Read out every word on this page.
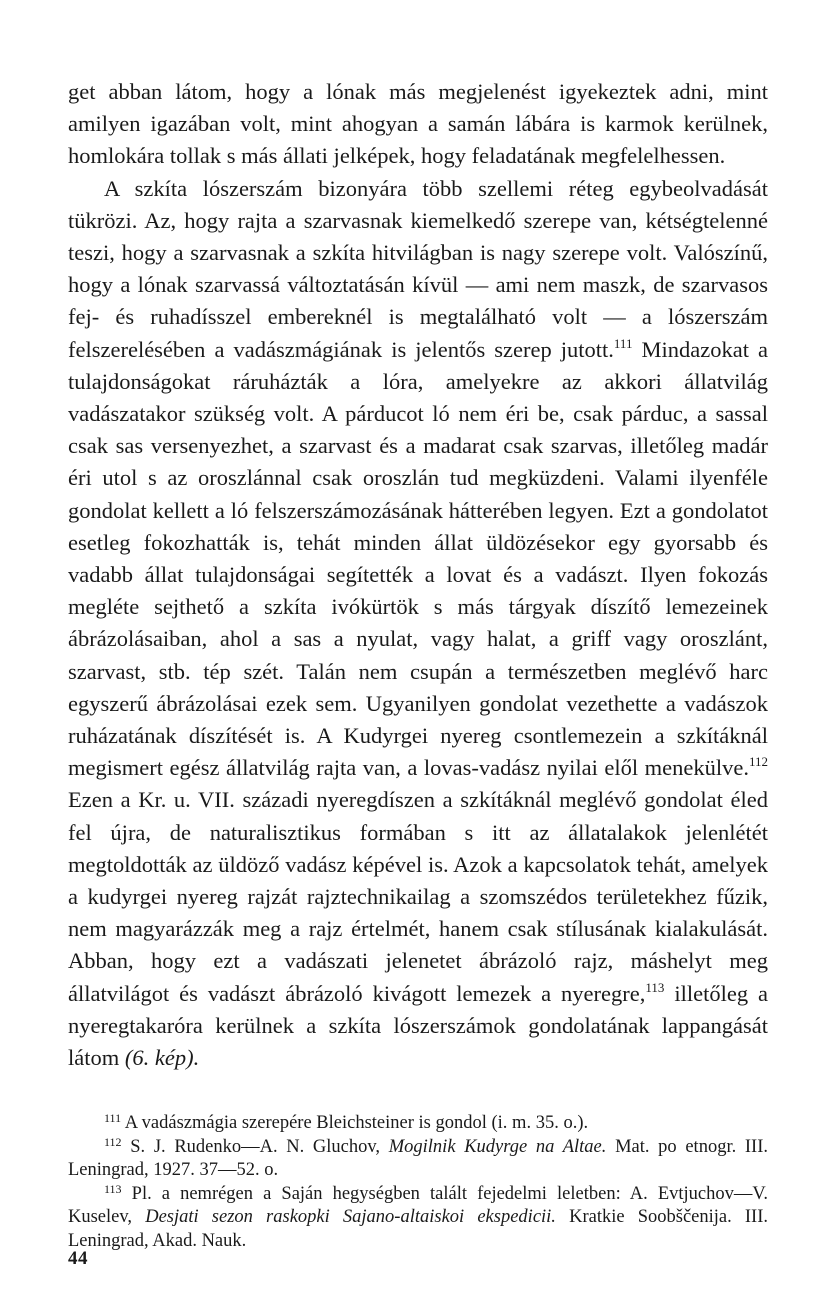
get abban látom, hogy a lónak más megjelenést igyekeztek adni, mint amilyen igazában volt, mint ahogyan a samán lábára is karmok kerülnek, homlokára tollak s más állati jelképek, hogy feladatának megfelelhessen.

A szkíta lószerszám bizonyára több szellemi réteg egybeolvadását tükrözi. Az, hogy rajta a szarvasnak kiemelkedő szerepe van, kétségtelenné teszi, hogy a szarvasnak a szkíta hitvilágban is nagy szerepe volt. Valószínű, hogy a lónak szarvassá változtatásán kívül — ami nem maszk, de szarvasos fej- és ruhadísszel embereknél is megtalálható volt — a lószerszám felszerelésében a vadászmágiának is jelentős szerep jutott.$^{111}$ Mindazokat a tulajdonságokat ráruházták a lóra, amelyekre az akkori állatvilág vadászatakor szükség volt. A párducot ló nem éri be, csak párduc, a sassal csak sas versenyezhet, a szarvast és a madarat csak szarvas, illetőleg madár éri utol s az oroszlánnal csak oroszlán tud megküzdeni. Valami ilyenféle gondolat kellett a ló felszerszámozásának hátterében legyen. Ezt a gondolatot esetleg fokozhatták is, tehát minden állat üldözésekor egy gyorsabb és vadabb állat tulajdonságai segítették a lovat és a vadászt. Ilyen fokozás megléte sejthető a szkíta ivókürtök s más tárgyak díszítő lemezeinek ábrázolásaiban, ahol a sas a nyulat, vagy halat, a griff vagy oroszlánt, szarvast, stb. tép szét. Talán nem csupán a természetben meglévő harc egyszerű ábrázolásai ezek sem. Ugyanilyen gondolat vezethette a vadászok ruházatának díszítését is. A Kudyrgei nyereg csontlemezein a szkítáknál megismert egész állatvilág rajta van, a lovas-vadász nyilai elől menekülve.$^{112}$ Ezen a Kr. u. VII. századi nyeregdíszen a szkítáknál meglévő gondolat éled fel újra, de naturalisztikus formában s itt az állatalakok jelenlétét megtoldották az üldöző vadász képével is. Azok a kapcsolatok tehát, amelyek a kudyrgei nyereg rajzát rajztechnikailag a szomszédos területekhez fűzik, nem magyarázzák meg a rajz értelmét, hanem csak stílusának kialakulását. Abban, hogy ezt a vadászati jelenetet ábrázoló rajz, máshelyt meg állatvilágot és vadászt ábrázoló kivágott lemezek a nyeregre,$^{113}$ illetőleg a nyeregtakaróra kerülnek a szkíta lószerszámok gondolatának lappangását látom (6. kép).

$^{111}$ A vadászmágia szerepére Bleichsteiner is gondol (i. m. 35. o.).

$^{112}$ S. J. Rudenko—A. N. Gluchov, Mogilnik Kudyrge na Altae. Mat. po etnogr. III. Leningrad, 1927. 37—52. o.

$^{113}$ Pl. a nemrégen a Saján hegységben talált fejedelmi leletben: A. Evtjuchov—V. Kuselev, Desjati sezon raskopki Sajano-altaiskoi ekspedicii. Kratkie Soobščenija. III. Leningrad, Akad. Nauk.

44
